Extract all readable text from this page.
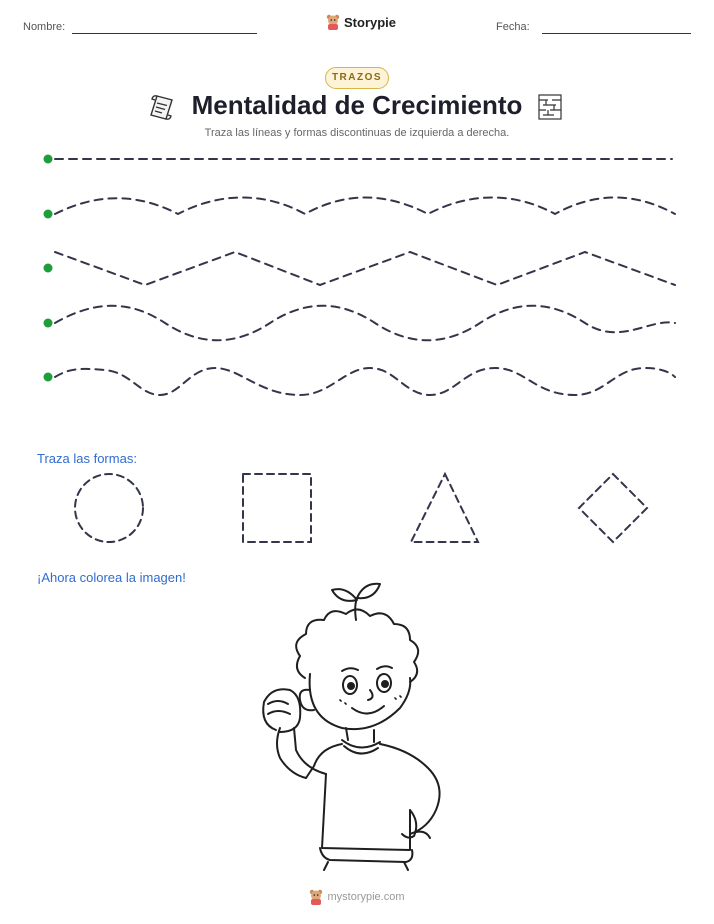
Nombre:	Storypie	Fecha:
TRAZOS
Mentalidad de Crecimiento
Traza las líneas y formas discontinuas de izquierda a derecha.
Traza las formas:
¡Ahora colorea la imagen!
mystorypie.com
